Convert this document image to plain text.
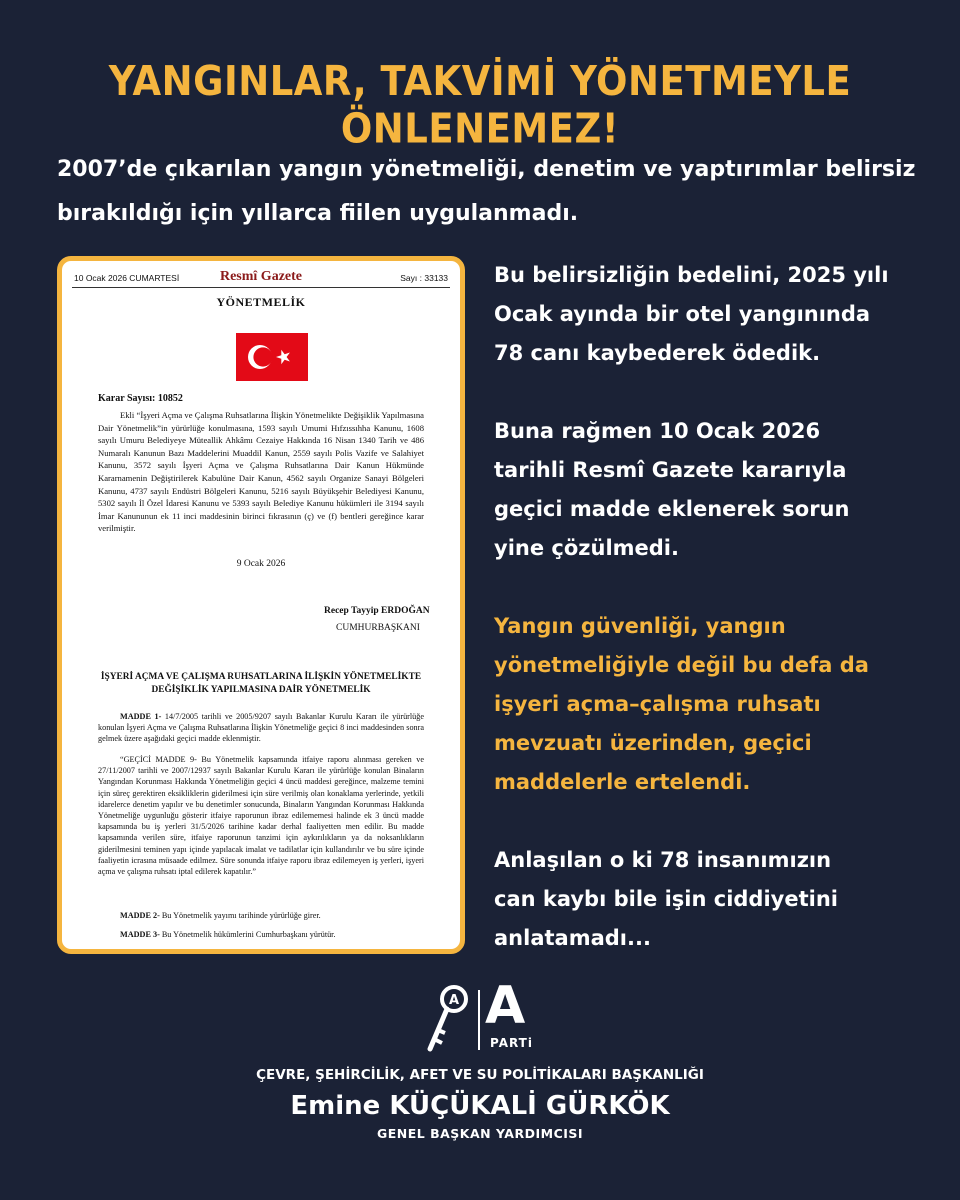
YANGINLAR, TAKVİMİ YÖNETMEYLE ÖNLENEMEZ!
2007’de çıkarılan yangın yönetmeliği, denetim ve yaptırımlar belirsiz
bırakıldığı için yıllarca fiilen uygulanmadı.
10 Ocak 2026 CUMARTESİ	Resmî Gazete	Sayı : 33133
YÖNETMELİK
Karar Sayısı: 10852
Ekli “İşyeri Açma ve Çalışma Ruhsatlarına İlişkin Yönetmelikte Değişiklik Yapılmasına Dair Yönetmelik”in yürürlüğe konulmasına, 1593 sayılı Umumi Hıfzıssıhha Kanunu, 1608 sayılı Umuru Belediyeye Müteallik Ahkâmı Cezaiye Hakkında 16 Nisan 1340 Tarih ve 486 Numaralı Kanunun Bazı Maddelerini Muaddil Kanun, 2559 sayılı Polis Vazife ve Salahiyet Kanunu, 3572 sayılı İşyeri Açma ve Çalışma Ruhsatlarına Dair Kanun Hükmünde Kararnamenin Değiştirilerek Kabulüne Dair Kanun, 4562 sayılı Organize Sanayi Bölgeleri Kanunu, 4737 sayılı Endüstri Bölgeleri Kanunu, 5216 sayılı Büyükşehir Belediyesi Kanunu, 5302 sayılı İl Özel İdaresi Kanunu ve 5393 sayılı Belediye Kanunu hükümleri ile 3194 sayılı İmar Kanununun ek 11 inci maddesinin birinci fıkrasının (ç) ve (f) bentleri gereğince karar verilmiştir.
9 Ocak 2026
Recep Tayyip ERDOĞAN
CUMHURBAŞKANI
İŞYERİ AÇMA VE ÇALIŞMA RUHSATLARINA İLİŞKİN YÖNETMELİKTE DEĞİŞİKLİK YAPILMASINA DAİR YÖNETMELİK
MADDE 1- 14/7/2005 tarihli ve 2005/9207 sayılı Bakanlar Kurulu Kararı ile yürürlüğe konulan İşyeri Açma ve Çalışma Ruhsatlarına İlişkin Yönetmeliğe geçici 8 inci maddesinden sonra gelmek üzere aşağıdaki geçici madde eklenmiştir.
“GEÇİCİ MADDE 9- Bu Yönetmelik kapsamında itfaiye raporu alınması gereken ve 27/11/2007 tarihli ve 2007/12937 sayılı Bakanlar Kurulu Kararı ile yürürlüğe konulan Binaların Yangından Korunması Hakkında Yönetmeliğin geçici 4 üncü maddesi gereğince, malzeme temini için süreç gerektiren eksikliklerin giderilmesi için süre verilmiş olan konaklama yerlerinde, yetkili idarelerce denetim yapılır ve bu denetimler sonucunda, Binaların Yangından Korunması Hakkında Yönetmeliğe uygunluğu gösterir itfaiye raporunun ibraz edilememesi halinde ek 3 üncü madde kapsamında bu iş yerleri 31/5/2026 tarihine kadar derhal faaliyetten men edilir. Bu madde kapsamında verilen süre, itfaiye raporunun tanzimi için aykırılıkların ya da noksanlıkların giderilmesini teminen yapı içinde yapılacak imalat ve tadilatlar için kullandırılır ve bu süre içinde faaliyetin icrasına müsaade edilmez. Süre sonunda itfaiye raporu ibraz edilemeyen iş yerleri, işyeri açma ve çalışma ruhsatı iptal edilerek kapatılır.”
MADDE 2- Bu Yönetmelik yayımı tarihinde yürürlüğe girer.
MADDE 3- Bu Yönetmelik hükümlerini Cumhurbaşkanı yürütür.
Bu belirsizliğin bedelini, 2025 yılı
Ocak ayında bir otel yangınında
78 canı kaybederek ödedik.
Buna rağmen 10 Ocak 2026
tarihli Resmî Gazete kararıyla
geçici madde eklenerek sorun
yine çözülmedi.
Yangın güvenliği, yangın
yönetmeliğiyle değil bu defa da
işyeri açma–çalışma ruhsatı
mevzuatı üzerinden, geçici
maddelerle ertelendi.
Anlaşılan o ki 78 insanımızın
can kaybı bile işin ciddiyetini
anlatamadı...
A A
PARTi
ÇEVRE, ŞEHİRCİLİK, AFET VE SU POLİTİKALARI BAŞKANLIĞI
Emine KÜÇÜKALİ GÜRKÖK
GENEL BAŞKAN YARDIMCISI
